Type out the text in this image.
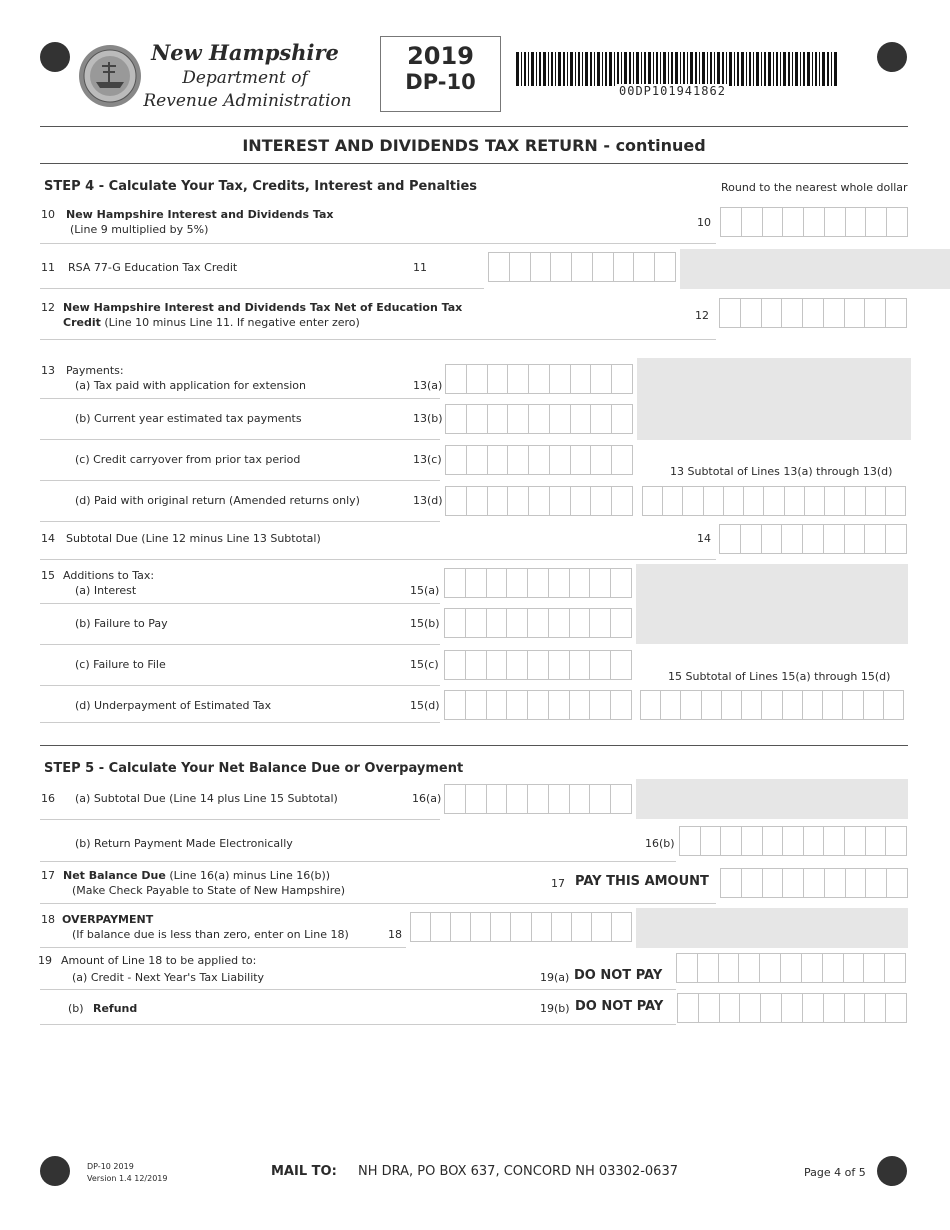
New Hampshire
Department of
Revenue Administration
2019
DP-10	00DP101941862
INTEREST AND DIVIDENDS TAX RETURN - continued
STEP 4 - Calculate Your Tax, Credits, Interest and Penalties	Round to the nearest whole dollar
10 New Hampshire Interest and Dividends Tax
(Line 9 multiplied by 5%)
10
11 RSA 77-G Education Tax Credit	11
12 New Hampshire Interest and Dividends Tax Net of Education Tax
Credit (Line 10 minus Line 11. If negative enter zero)
12
13 Payments:
(a) Tax paid with application for extension	13(a)
(b) Current year estimated tax payments	13(b)
(c) Credit carryover from prior tax period	13(c)
13 Subtotal of Lines 13(a) through 13(d)
(d) Paid with original return (Amended returns only)	13(d)
14 Subtotal Due (Line 12 minus Line 13 Subtotal)	14
15 Additions to Tax:
(a) Interest	15(a)
(b) Failure to Pay	15(b)
(c) Failure to File	15(c)
15 Subtotal of Lines 15(a) through 15(d)
(d) Underpayment of Estimated Tax	15(d)
STEP 5 - Calculate Your Net Balance Due or Overpayment
16 (a) Subtotal Due (Line 14 plus Line 15 Subtotal)	16(a)
(b) Return Payment Made Electronically	16(b)
17 Net Balance Due (Line 16(a) minus Line 16(b))
(Make Check Payable to State of New Hampshire)
17 PAY THIS AMOUNT
18 OVERPAYMENT
(If balance due is less than zero, enter on Line 18)	18
19 Amount of Line 18 to be applied to:
(a) Credit - Next Year's Tax Liability	19(a) DO NOT PAY
(b) Refund	19(b) DO NOT PAY
DP-10 2019
Version 1.4 12/2019	MAIL TO: NH DRA, PO BOX 637, CONCORD NH 03302-0637	Page 4 of 5
